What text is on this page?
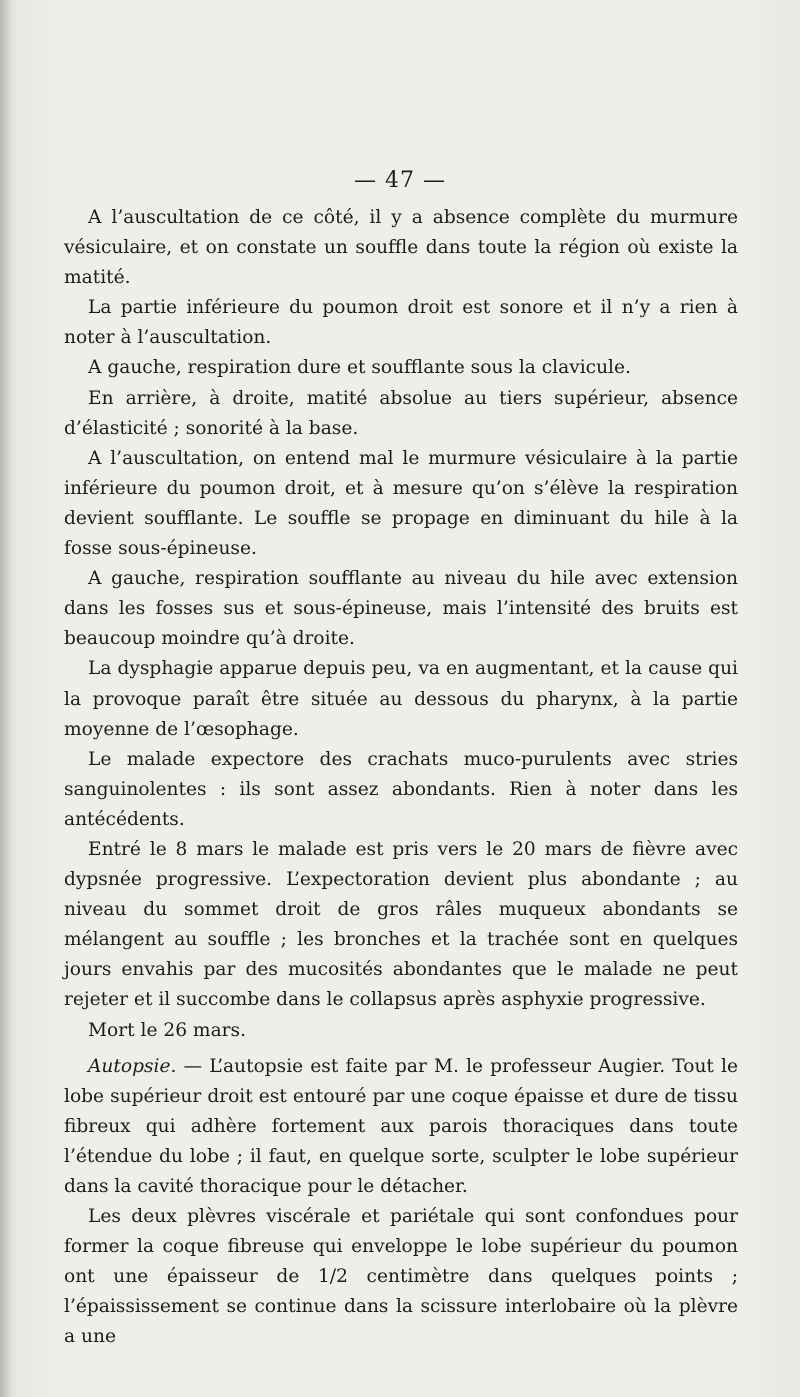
— 47 —

A l’auscultation de ce côté, il y a absence complète du murmure vésiculaire, et on constate un souffle dans toute la région où existe la matité.

La partie inférieure du poumon droit est sonore et il n’y a rien à noter à l’auscultation.

A gauche, respiration dure et soufflante sous la clavicule.

En arrière, à droite, matité absolue au tiers supérieur, absence d’élasticité ; sonorité à la base.

A l’auscultation, on entend mal le murmure vésiculaire à la partie inférieure du poumon droit, et à mesure qu’on s’élève la respiration devient soufflante. Le souffle se propage en diminuant du hile à la fosse sous-épineuse.

A gauche, respiration soufflante au niveau du hile avec extension dans les fosses sus et sous-épineuse, mais l’intensité des bruits est beaucoup moindre qu’à droite.

La dysphagie apparue depuis peu, va en augmentant, et la cause qui la provoque paraît être située au dessous du pharynx, à la partie moyenne de l’œsophage.

Le malade expectore des crachats muco-purulents avec stries sanguinolentes : ils sont assez abondants. Rien à noter dans les antécédents.

Entré le 8 mars le malade est pris vers le 20 mars de fièvre avec dypsnée progressive. L’expectoration devient plus abondante ; au niveau du sommet droit de gros râles muqueux abondants se mélangent au souffle ; les bronches et la trachée sont en quelques jours envahis par des mucosités abondantes que le malade ne peut rejeter et il succombe dans le collapsus après asphyxie progressive.

Mort le 26 mars.

Autopsie. — L’autopsie est faite par M. le professeur Augier. Tout le lobe supérieur droit est entouré par une coque épaisse et dure de tissu fibreux qui adhère fortement aux parois thoraciques dans toute l’étendue du lobe ; il faut, en quelque sorte, sculpter le lobe supérieur dans la cavité thoracique pour le détacher.

Les deux plèvres viscérale et pariétale qui sont confondues pour former la coque fibreuse qui enveloppe le lobe supérieur du poumon ont une épaisseur de 1/2 centimètre dans quelques points ; l’épaississement se continue dans la scissure interlobaire où la plèvre a une
